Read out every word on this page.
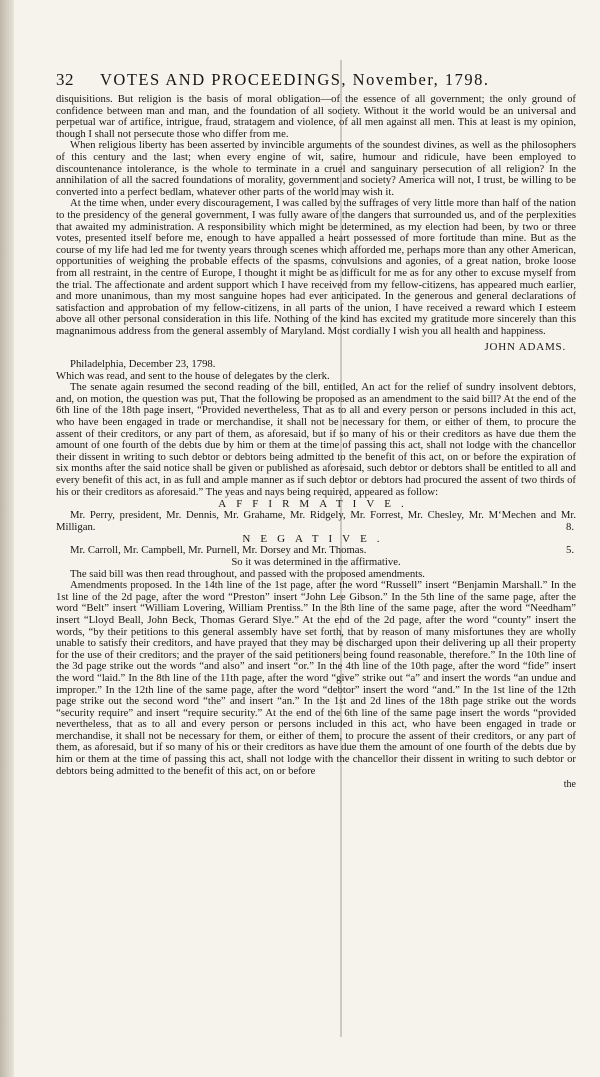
32 VOTES AND PROCEEDINGS, November, 1798.

disquisitions. But religion is the basis of moral obligation—of the essence of all government; the only ground of confidence between man and man, and the foundation of all society. Without it the world would be an universal and perpetual war of artifice, intrigue, fraud, stratagem and violence, of all men against all men. This at least is my opinion, though I shall not persecute those who differ from me.

When religious liberty has been asserted by invincible arguments of the soundest divines, as well as the philosophers of this century and the last; when every engine of wit, satire, humour and ridicule, have been employed to discountenance intolerance, is the whole to terminate in a cruel and sanguinary persecution of all religion? In the annihilation of all the sacred foundations of morality, government and society? America will not, I trust, be willing to be converted into a perfect bedlam, whatever other parts of the world may wish it.

At the time when, under every discouragement, I was called by the suffrages of very little more than half of the nation to the presidency of the general government, I was fully aware of the dangers that surrounded us, and of the perplexities that awaited my administration. A responsibility which might be determined, as my election had been, by two or three votes, presented itself before me, enough to have appalled a heart possessed of more fortitude than mine. But as the course of my life had led me for twenty years through scenes which afforded me, perhaps more than any other American, opportunities of weighing the probable effects of the spasms, convulsions and agonies, of a great nation, broke loose from all restraint, in the centre of Europe, I thought it might be as difficult for me as for any other to excuse myself from the trial. The affectionate and ardent support which I have received from my fellow-citizens, has appeared much earlier, and more unanimous, than my most sanguine hopes had ever anticipated. In the generous and general declarations of satisfaction and approbation of my fellow-citizens, in all parts of the union, I have received a reward which I esteem above all other personal consideration in this life. Nothing of the kind has excited my gratitude more sincerely than this magnanimous address from the general assembly of Maryland. Most cordially I wish you all health and happiness.

JOHN ADAMS.

Philadelphia, December 23, 1798.

Which was read, and sent to the house of delegates by the clerk.

The senate again resumed the second reading of the bill, entitled, An act for the relief of sundry insolvent debtors, and, on motion, the question was put, That the following be proposed as an amendment to the said bill? At the end of the 6th line of the 18th page insert, “Provided nevertheless, That as to all and every person or persons included in this act, who have been engaged in trade or merchandise, it shall not be necessary for them, or either of them, to procure the assent of their creditors, or any part of them, as aforesaid, but if so many of his or their creditors as have due them the amount of one fourth of the debts due by him or them at the time of passing this act, shall not lodge with the chancellor their dissent in writing to such debtor or debtors being admitted to the benefit of this act, on or before the expiration of six months after the said notice shall be given or published as aforesaid, such debtor or debtors shall be entitled to all and every benefit of this act, in as full and ample manner as if such debtor or debtors had procured the assent of two thirds of his or their creditors as aforesaid.” The yeas and nays being required, appeared as follow:

AFFIRMATIVE.

Mr. Perry, president, Mr. Dennis, Mr. Grahame, Mr. Ridgely, Mr. Forrest, Mr. Chesley, Mr. M‘Mechen and Mr. Milligan.	8.

NEGATIVE.

Mr. Carroll, Mr. Campbell, Mr. Purnell, Mr. Dorsey and Mr. Thomas.	5.

So it was determined in the affirmative.

The said bill was then read throughout, and passed with the proposed amendments.

Amendments proposed. In the 14th line of the 1st page, after the word “Russell” insert “Benjamin Marshall.” In the 1st line of the 2d page, after the word “Preston” insert “John Lee Gibson.” In the 5th line of the same page, after the word “Belt” insert “William Lovering, William Prentiss.” In the 8th line of the same page, after the word “Needham” insert “Lloyd Beall, John Beck, Thomas Gerard Slye.” At the end of the 2d page, after the word “county” insert the words, “by their petitions to this general assembly have set forth, that by reason of many misfortunes they are wholly unable to satisfy their creditors, and have prayed that they may be discharged upon their delivering up all their property for the use of their creditors; and the prayer of the said petitioners being found reasonable, therefore.” In the 10th line of the 3d page strike out the words “and also” and insert “or.” In the 4th line of the 10th page, after the word “fide” insert the word “laid.” In the 8th line of the 11th page, after the word “give” strike out “a” and insert the words “an undue and improper.” In the 12th line of the same page, after the word “debtor” insert the word “and.” In the 1st line of the 12th page strike out the second word “the” and insert “an.” In the 1st and 2d lines of the 18th page strike out the words “security require” and insert “require security.” At the end of the 6th line of the same page insert the words “provided nevertheless, that as to all and every person or persons included in this act, who have been engaged in trade or merchandise, it shall not be necessary for them, or either of them, to procure the assent of their creditors, or any part of them, as aforesaid, but if so many of his or their creditors as have due them the amount of one fourth of the debts due by him or them at the time of passing this act, shall not lodge with the chancellor their dissent in writing to such debtor or debtors being admitted to the benefit of this act, on or before

the
